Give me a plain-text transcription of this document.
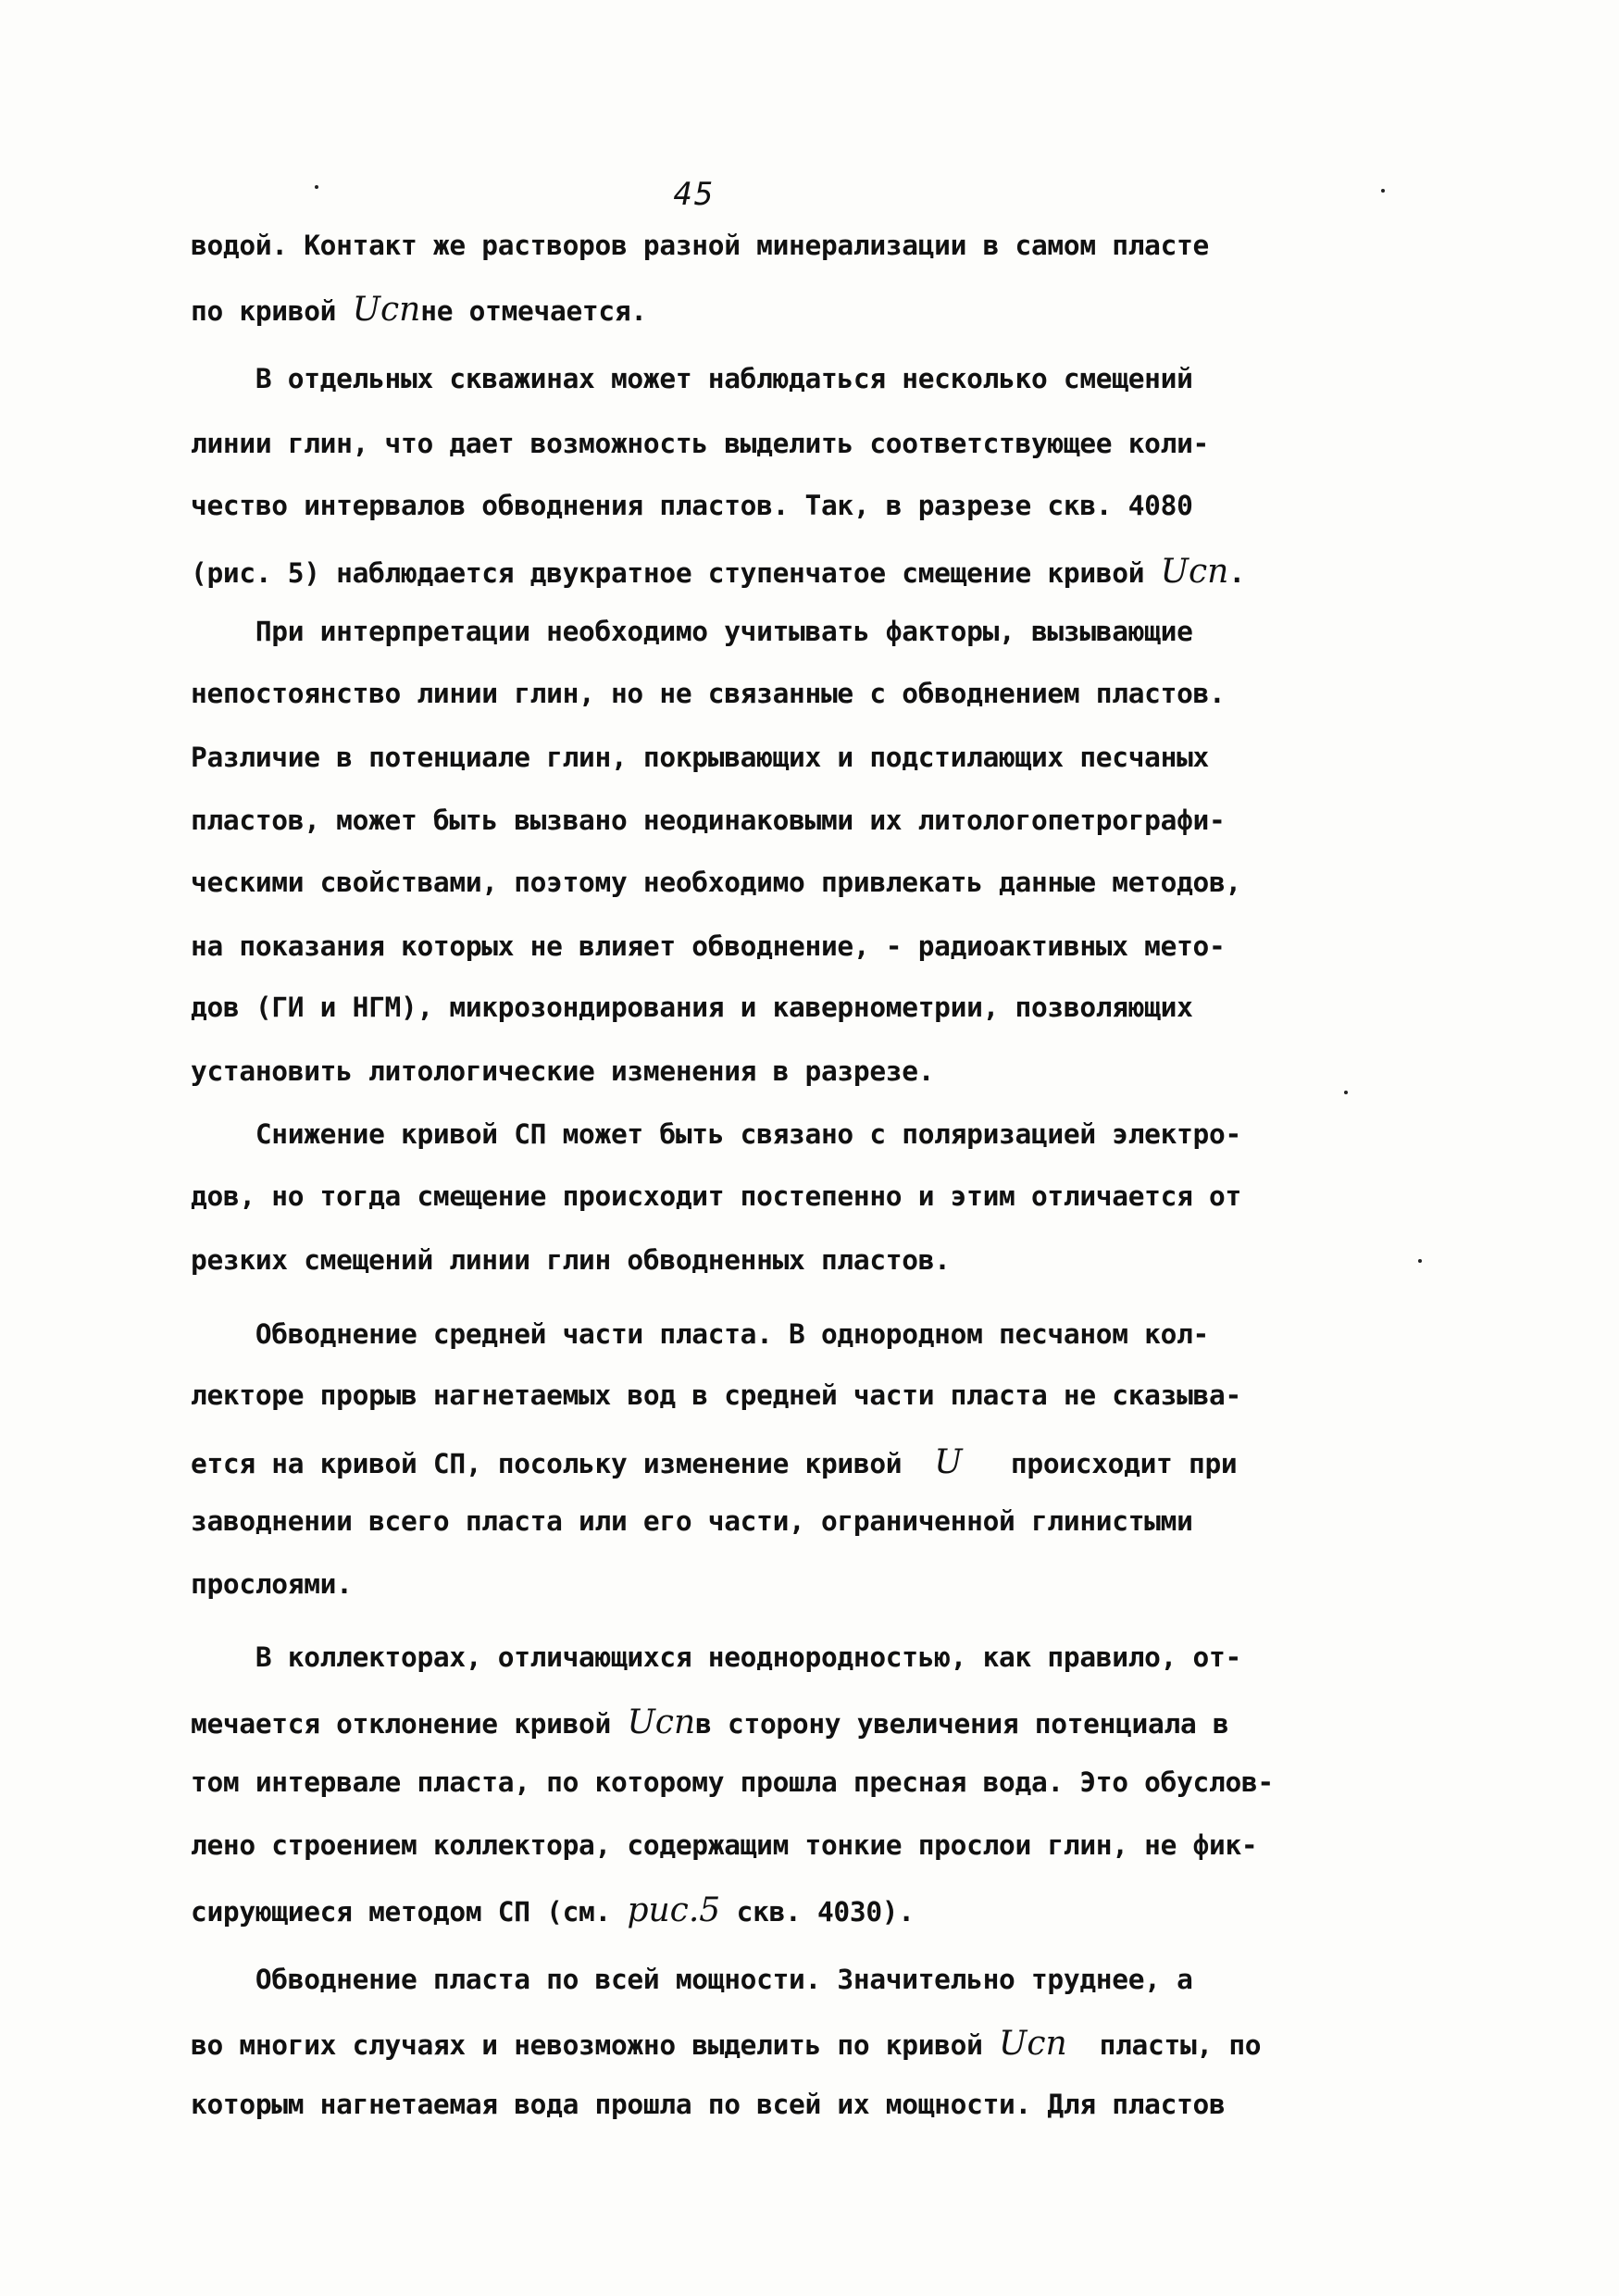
45
водой. Контакт же растворов разной минерализации в самом пласте
по кривой Uспне отмечается.
В отдельных скважинах может наблюдаться несколько смещений
линии глин, что дает возможность выделить соответствующее коли-
чество интервалов обводнения пластов. Так, в разрезе скв. 4080
(рис. 5) наблюдается двукратное ступенчатое смещение кривой Uсп.
При интерпретации необходимо учитывать факторы, вызывающие
непостоянство линии глин, но не связанные с обводнением пластов.
Различие в потенциале глин, покрывающих и подстилающих песчаных
пластов, может быть вызвано неодинаковыми их литологопетрографи-
ческими свойствами, поэтому необходимо привлекать данные методов,
на показания которых не влияет обводнение, - радиоактивных мето-
дов (ГИ и НГМ), микрозондирования и кавернометрии, позволяющих
установить литологические изменения в разрезе.
Снижение кривой СП может быть связано с поляризацией электро-
дов, но тогда смещение происходит постепенно и этим отличается от
резких смещений линии глин обводненных пластов.
Обводнение средней части пласта. В однородном песчаном кол-
лекторе прорыв нагнетаемых вод в средней части пласта не сказыва-
ется на кривой СП, посольку изменение кривой  U   происходит при
заводнении всего пласта или его части, ограниченной глинистыми
прослоями.
В коллекторах, отличающихся неоднородностью, как правило, от-
мечается отклонение кривой Uспв сторону увеличения потенциала в
том интервале пласта, по которому прошла пресная вода. Это обуслов-
лено строением коллектора, содержащим тонкие прослои глин, не фик-
сирующиеся методом СП (см. рис.5 скв. 4030).
Обводнение пласта по всей мощности. Значительно труднее, а
во многих случаях и невозможно выделить по кривой Uсп  пласты, по
которым нагнетаемая вода прошла по всей их мощности. Для пластов
